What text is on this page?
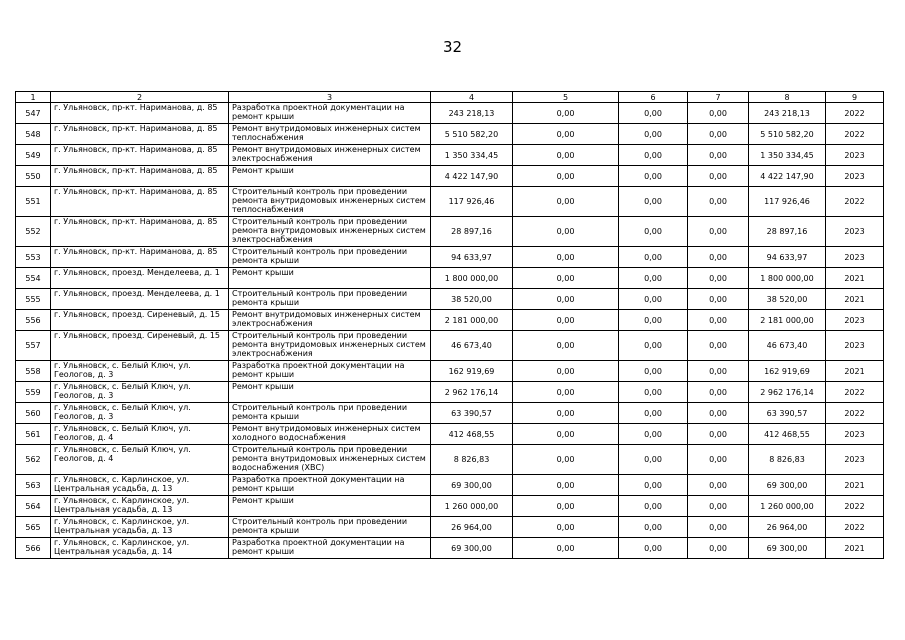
32
1	2	3	4	5	6	7	8	9
547	г. Ульяновск, пр-кт. Нариманова, д. 85	Разработка проектной документации на ремонт крыши	243 218,13	0,00	0,00	0,00	243 218,13	2022
548	г. Ульяновск, пр-кт. Нариманова, д. 85	Ремонт внутридомовых инженерных систем теплоснабжения	5 510 582,20	0,00	0,00	0,00	5 510 582,20	2022
549	г. Ульяновск, пр-кт. Нариманова, д. 85	Ремонт внутридомовых инженерных систем электроснабжения	1 350 334,45	0,00	0,00	0,00	1 350 334,45	2023
550	г. Ульяновск, пр-кт. Нариманова, д. 85	Ремонт крыши	4 422 147,90	0,00	0,00	0,00	4 422 147,90	2023
551	г. Ульяновск, пр-кт. Нариманова, д. 85	Строительный контроль при проведении ремонта внутридомовых инженерных систем теплоснабжения	117 926,46	0,00	0,00	0,00	117 926,46	2022
552	г. Ульяновск, пр-кт. Нариманова, д. 85	Строительный контроль при проведении ремонта внутридомовых инженерных систем электроснабжения	28 897,16	0,00	0,00	0,00	28 897,16	2023
553	г. Ульяновск, пр-кт. Нариманова, д. 85	Строительный контроль при проведении ремонта крыши	94 633,97	0,00	0,00	0,00	94 633,97	2023
554	г. Ульяновск, проезд. Менделеева, д. 1	Ремонт крыши	1 800 000,00	0,00	0,00	0,00	1 800 000,00	2021
555	г. Ульяновск, проезд. Менделеева, д. 1	Строительный контроль при проведении ремонта крыши	38 520,00	0,00	0,00	0,00	38 520,00	2021
556	г. Ульяновск, проезд. Сиреневый, д. 15	Ремонт внутридомовых инженерных систем электроснабжения	2 181 000,00	0,00	0,00	0,00	2 181 000,00	2023
557	г. Ульяновск, проезд. Сиреневый, д. 15	Строительный контроль при проведении ремонта внутридомовых инженерных систем электроснабжения	46 673,40	0,00	0,00	0,00	46 673,40	2023
558	г. Ульяновск, с. Белый Ключ, ул. Геологов, д. 3	Разработка проектной документации на ремонт крыши	162 919,69	0,00	0,00	0,00	162 919,69	2021
559	г. Ульяновск, с. Белый Ключ, ул. Геологов, д. 3	Ремонт крыши	2 962 176,14	0,00	0,00	0,00	2 962 176,14	2022
560	г. Ульяновск, с. Белый Ключ, ул. Геологов, д. 3	Строительный контроль при проведении ремонта крыши	63 390,57	0,00	0,00	0,00	63 390,57	2022
561	г. Ульяновск, с. Белый Ключ, ул. Геологов, д. 4	Ремонт внутридомовых инженерных систем холодного водоснабжения	412 468,55	0,00	0,00	0,00	412 468,55	2023
562	г. Ульяновск, с. Белый Ключ, ул. Геологов, д. 4	Строительный контроль при проведении ремонта внутридомовых инженерных систем водоснабжения (ХВС)	8 826,83	0,00	0,00	0,00	8 826,83	2023
563	г. Ульяновск, с. Карлинское, ул. Центральная усадьба, д. 13	Разработка проектной документации на ремонт крыши	69 300,00	0,00	0,00	0,00	69 300,00	2021
564	г. Ульяновск, с. Карлинское, ул. Центральная усадьба, д. 13	Ремонт крыши	1 260 000,00	0,00	0,00	0,00	1 260 000,00	2022
565	г. Ульяновск, с. Карлинское, ул. Центральная усадьба, д. 13	Строительный контроль при проведении ремонта крыши	26 964,00	0,00	0,00	0,00	26 964,00	2022
566	г. Ульяновск, с. Карлинское, ул. Центральная усадьба, д. 14	Разработка проектной документации на ремонт крыши	69 300,00	0,00	0,00	0,00	69 300,00	2021
